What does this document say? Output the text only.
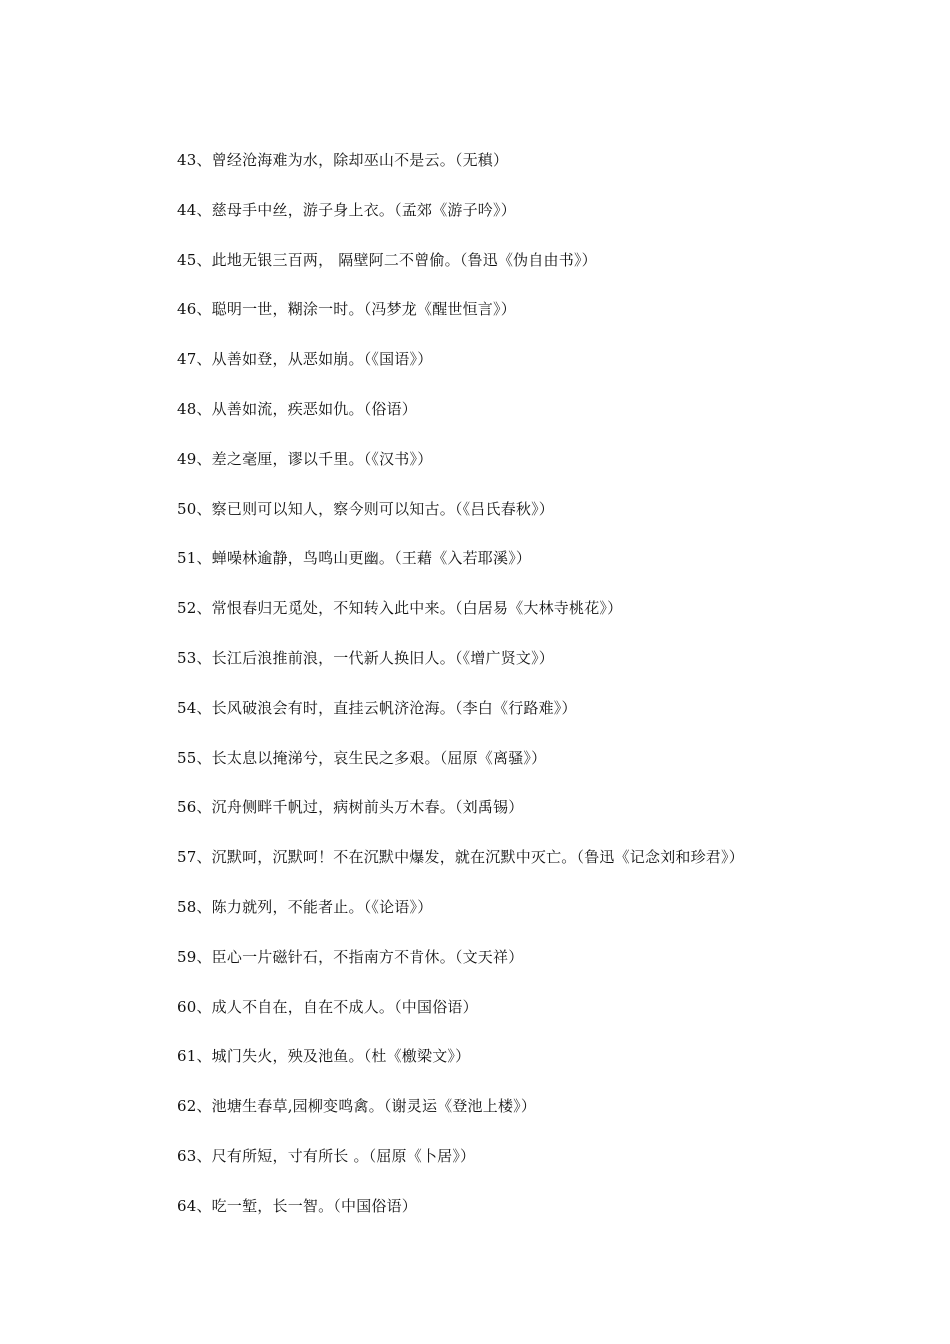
43、曾经沧海难为水，除却巫山不是云。（无稹）
44、慈母手中丝，游子身上衣。（孟郊《游子吟》）
45、此地无银三百两， 隔壁阿二不曾偷。（鲁迅《伪自由书》）
46、聪明一世，糊涂一时。（冯梦龙《醒世恒言》）
47、从善如登，从恶如崩。（《国语》）
48、从善如流，疾恶如仇。（俗语）
49、差之毫厘，谬以千里。（《汉书》）
50、察已则可以知人，察今则可以知古。（《吕氏春秋》）
51、蝉噪林逾静，鸟鸣山更幽。（王藉《入若耶溪》）
52、常恨春归无觅处，不知转入此中来。（白居易《大林寺桃花》）
53、长江后浪推前浪，一代新人换旧人。（《增广贤文》）
54、长风破浪会有时，直挂云帆济沧海。（李白《行路难》）
55、长太息以掩涕兮，哀生民之多艰。（屈原《离骚》）
56、沉舟侧畔千帆过，病树前头万木春。（刘禹锡）
57、沉默呵，沉默呵！不在沉默中爆发，就在沉默中灭亡。（鲁迅《记念刘和珍君》）
58、陈力就列，不能者止。（《论语》）
59、臣心一片磁针石，不指南方不肯休。（文天祥）
60、成人不自在，自在不成人。（中国俗语）
61、城门失火，殃及池鱼。（杜《檄梁文》）
62、池塘生春草,园柳变鸣禽。（谢灵运《登池上楼》）
63、尺有所短，寸有所长 。（屈原《卜居》）
64、吃一堑，长一智。（中国俗语）
